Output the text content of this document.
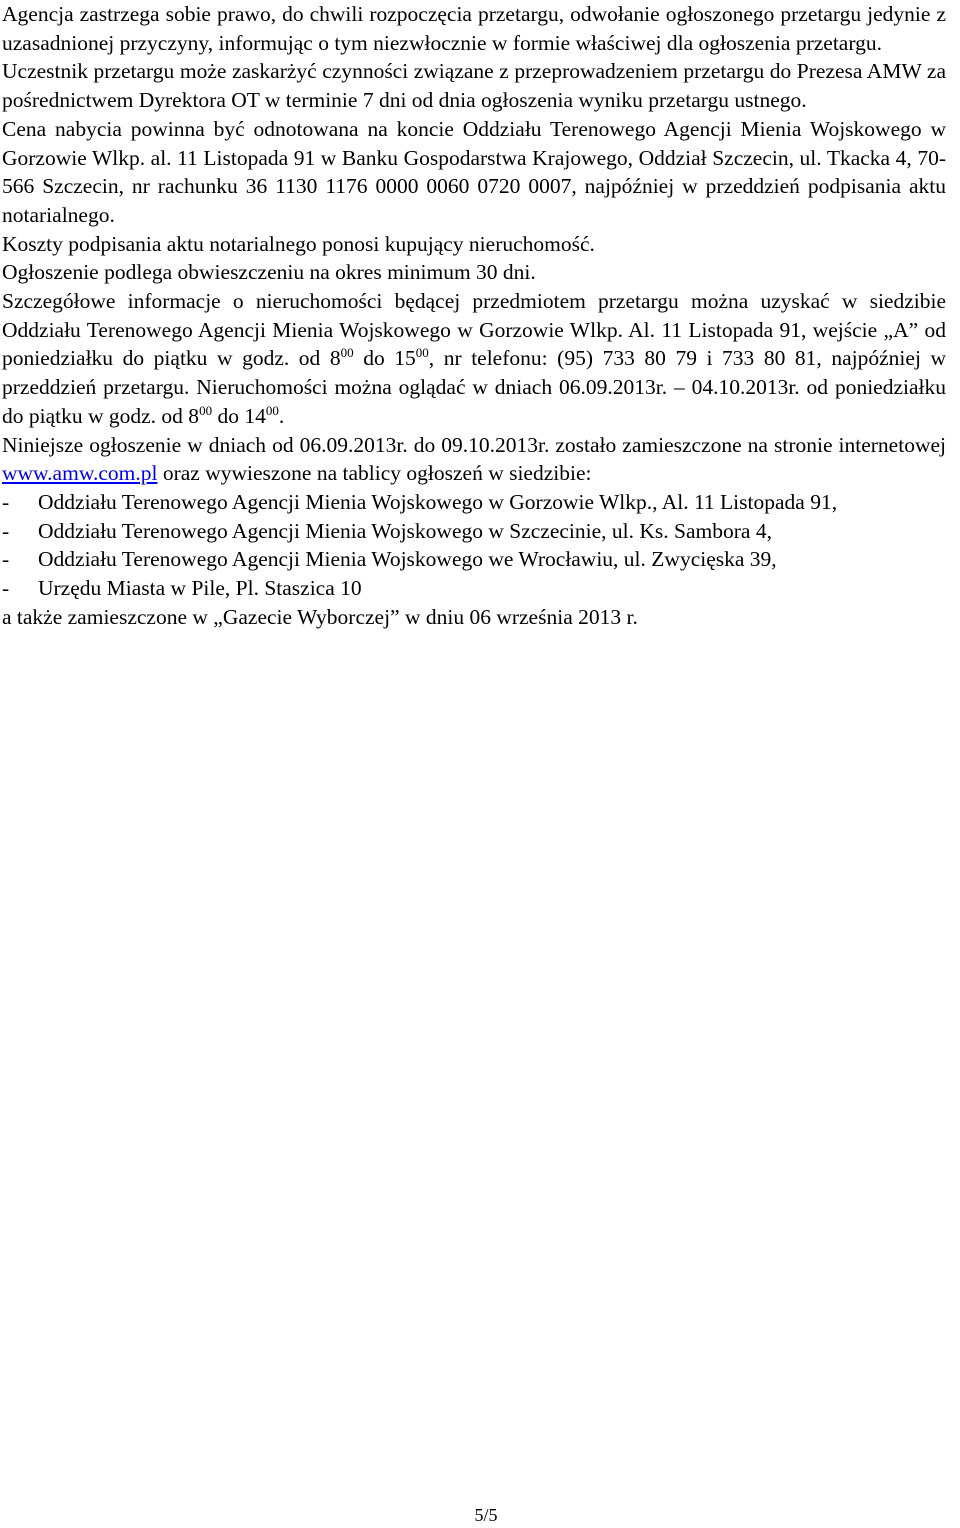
Agencja zastrzega sobie prawo, do chwili rozpoczęcia przetargu, odwołanie ogłoszonego przetargu jedynie z uzasadnionej przyczyny, informując o tym niezwłocznie w formie właściwej dla ogłoszenia przetargu.

Uczestnik przetargu może zaskarżyć czynności związane z przeprowadzeniem przetargu do Prezesa AMW za pośrednictwem Dyrektora OT w terminie 7 dni od dnia ogłoszenia wyniku przetargu ustnego.

Cena nabycia powinna być odnotowana na koncie Oddziału Terenowego Agencji Mienia Wojskowego w Gorzowie Wlkp. al. 11 Listopada 91 w Banku Gospodarstwa Krajowego, Oddział Szczecin, ul. Tkacka 4, 70-566 Szczecin, nr rachunku 36 1130 1176 0000 0060 0720 0007, najpóźniej w przeddzień podpisania aktu notarialnego.

Koszty podpisania aktu notarialnego ponosi kupujący nieruchomość.

Ogłoszenie podlega obwieszczeniu na okres minimum 30 dni.

Szczegółowe informacje o nieruchomości będącej przedmiotem przetargu można uzyskać w siedzibie Oddziału Terenowego Agencji Mienia Wojskowego w Gorzowie Wlkp. Al. 11 Listopada 91, wejście „A” od poniedziałku do piątku w godz. od $8^{00}$ do $15^{00}$, nr telefonu: (95) 733 80 79 i 733 80 81, najpóźniej w przeddzień przetargu. Nieruchomości można oglądać w dniach 06.09.2013r. – 04.10.2013r. od poniedziałku do piątku w godz. od $8^{00}$ do $14^{00}$.

Niniejsze ogłoszenie w dniach od 06.09.2013r. do 09.10.2013r. zostało zamieszczone na stronie internetowej www.amw.com.pl oraz wywieszone na tablicy ogłoszeń w siedzibie:

-	Oddziału Terenowego Agencji Mienia Wojskowego w Gorzowie Wlkp., Al. 11 Listopada 91,
-	Oddziału Terenowego Agencji Mienia Wojskowego w Szczecinie, ul. Ks. Sambora 4,
-	Oddziału Terenowego Agencji Mienia Wojskowego we Wrocławiu, ul. Zwycięska 39,
-	Urzędu Miasta w Pile, Pl. Staszica 10

a także zamieszczone w „Gazecie Wyborczej” w dniu 06 września 2013 r.

5/5
